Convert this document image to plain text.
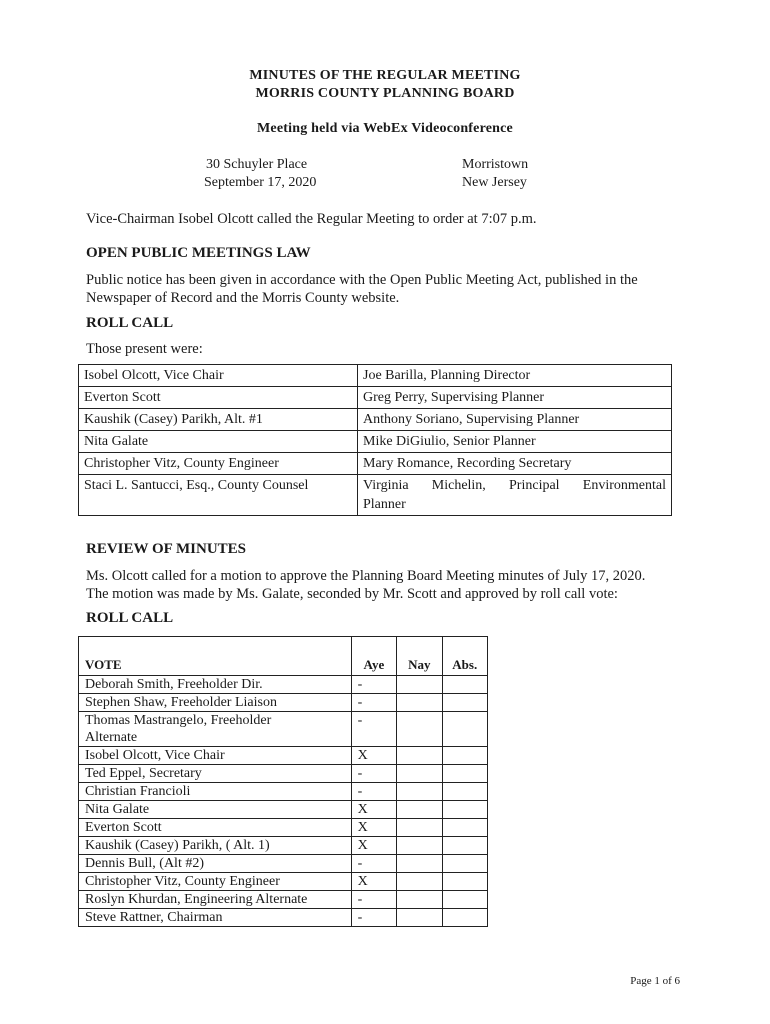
MINUTES OF THE REGULAR MEETING
MORRIS COUNTY PLANNING BOARD
Meeting held via WebEx Videoconference
30 Schuyler Place
September 17, 2020
Morristown
New Jersey
Vice-Chairman Isobel Olcott called the Regular Meeting to order at 7:07 p.m.
OPEN PUBLIC MEETINGS LAW
Public notice has been given in accordance with the Open Public Meeting Act, published in the
Newspaper of Record and the Morris County website.
ROLL CALL
Those present were:
Isobel Olcott, Vice Chair	Joe Barilla, Planning Director
Everton Scott	Greg Perry, Supervising Planner
Kaushik (Casey) Parikh, Alt. #1	Anthony Soriano, Supervising Planner
Nita Galate	Mike DiGiulio, Senior Planner
Christopher Vitz, County Engineer	Mary Romance, Recording Secretary
Staci L. Santucci, Esq., County Counsel	Virginia Michelin, Principal Environmental
Planner
REVIEW OF MINUTES
Ms. Olcott called for a motion to approve the Planning Board Meeting minutes of July 17, 2020.
The motion was made by Ms. Galate, seconded by Mr. Scott and approved by roll call vote:
ROLL CALL
VOTE	Aye	Nay	Abs.
Deborah Smith, Freeholder Dir.	-		
Stephen Shaw, Freeholder Liaison	-		

Thomas Mastrangelo, Freeholder
Alternate	-		
Isobel Olcott, Vice Chair	X		
Ted Eppel, Secretary	-		
Christian Francioli	-		
Nita Galate	X		
Everton Scott	X		
Kaushik (Casey) Parikh, ( Alt. 1)	X		
Dennis Bull, (Alt #2)	-		
Christopher Vitz, County Engineer	X		
Roslyn Khurdan, Engineering Alternate	-		
Steve Rattner, Chairman	-		
Page 1 of 6
